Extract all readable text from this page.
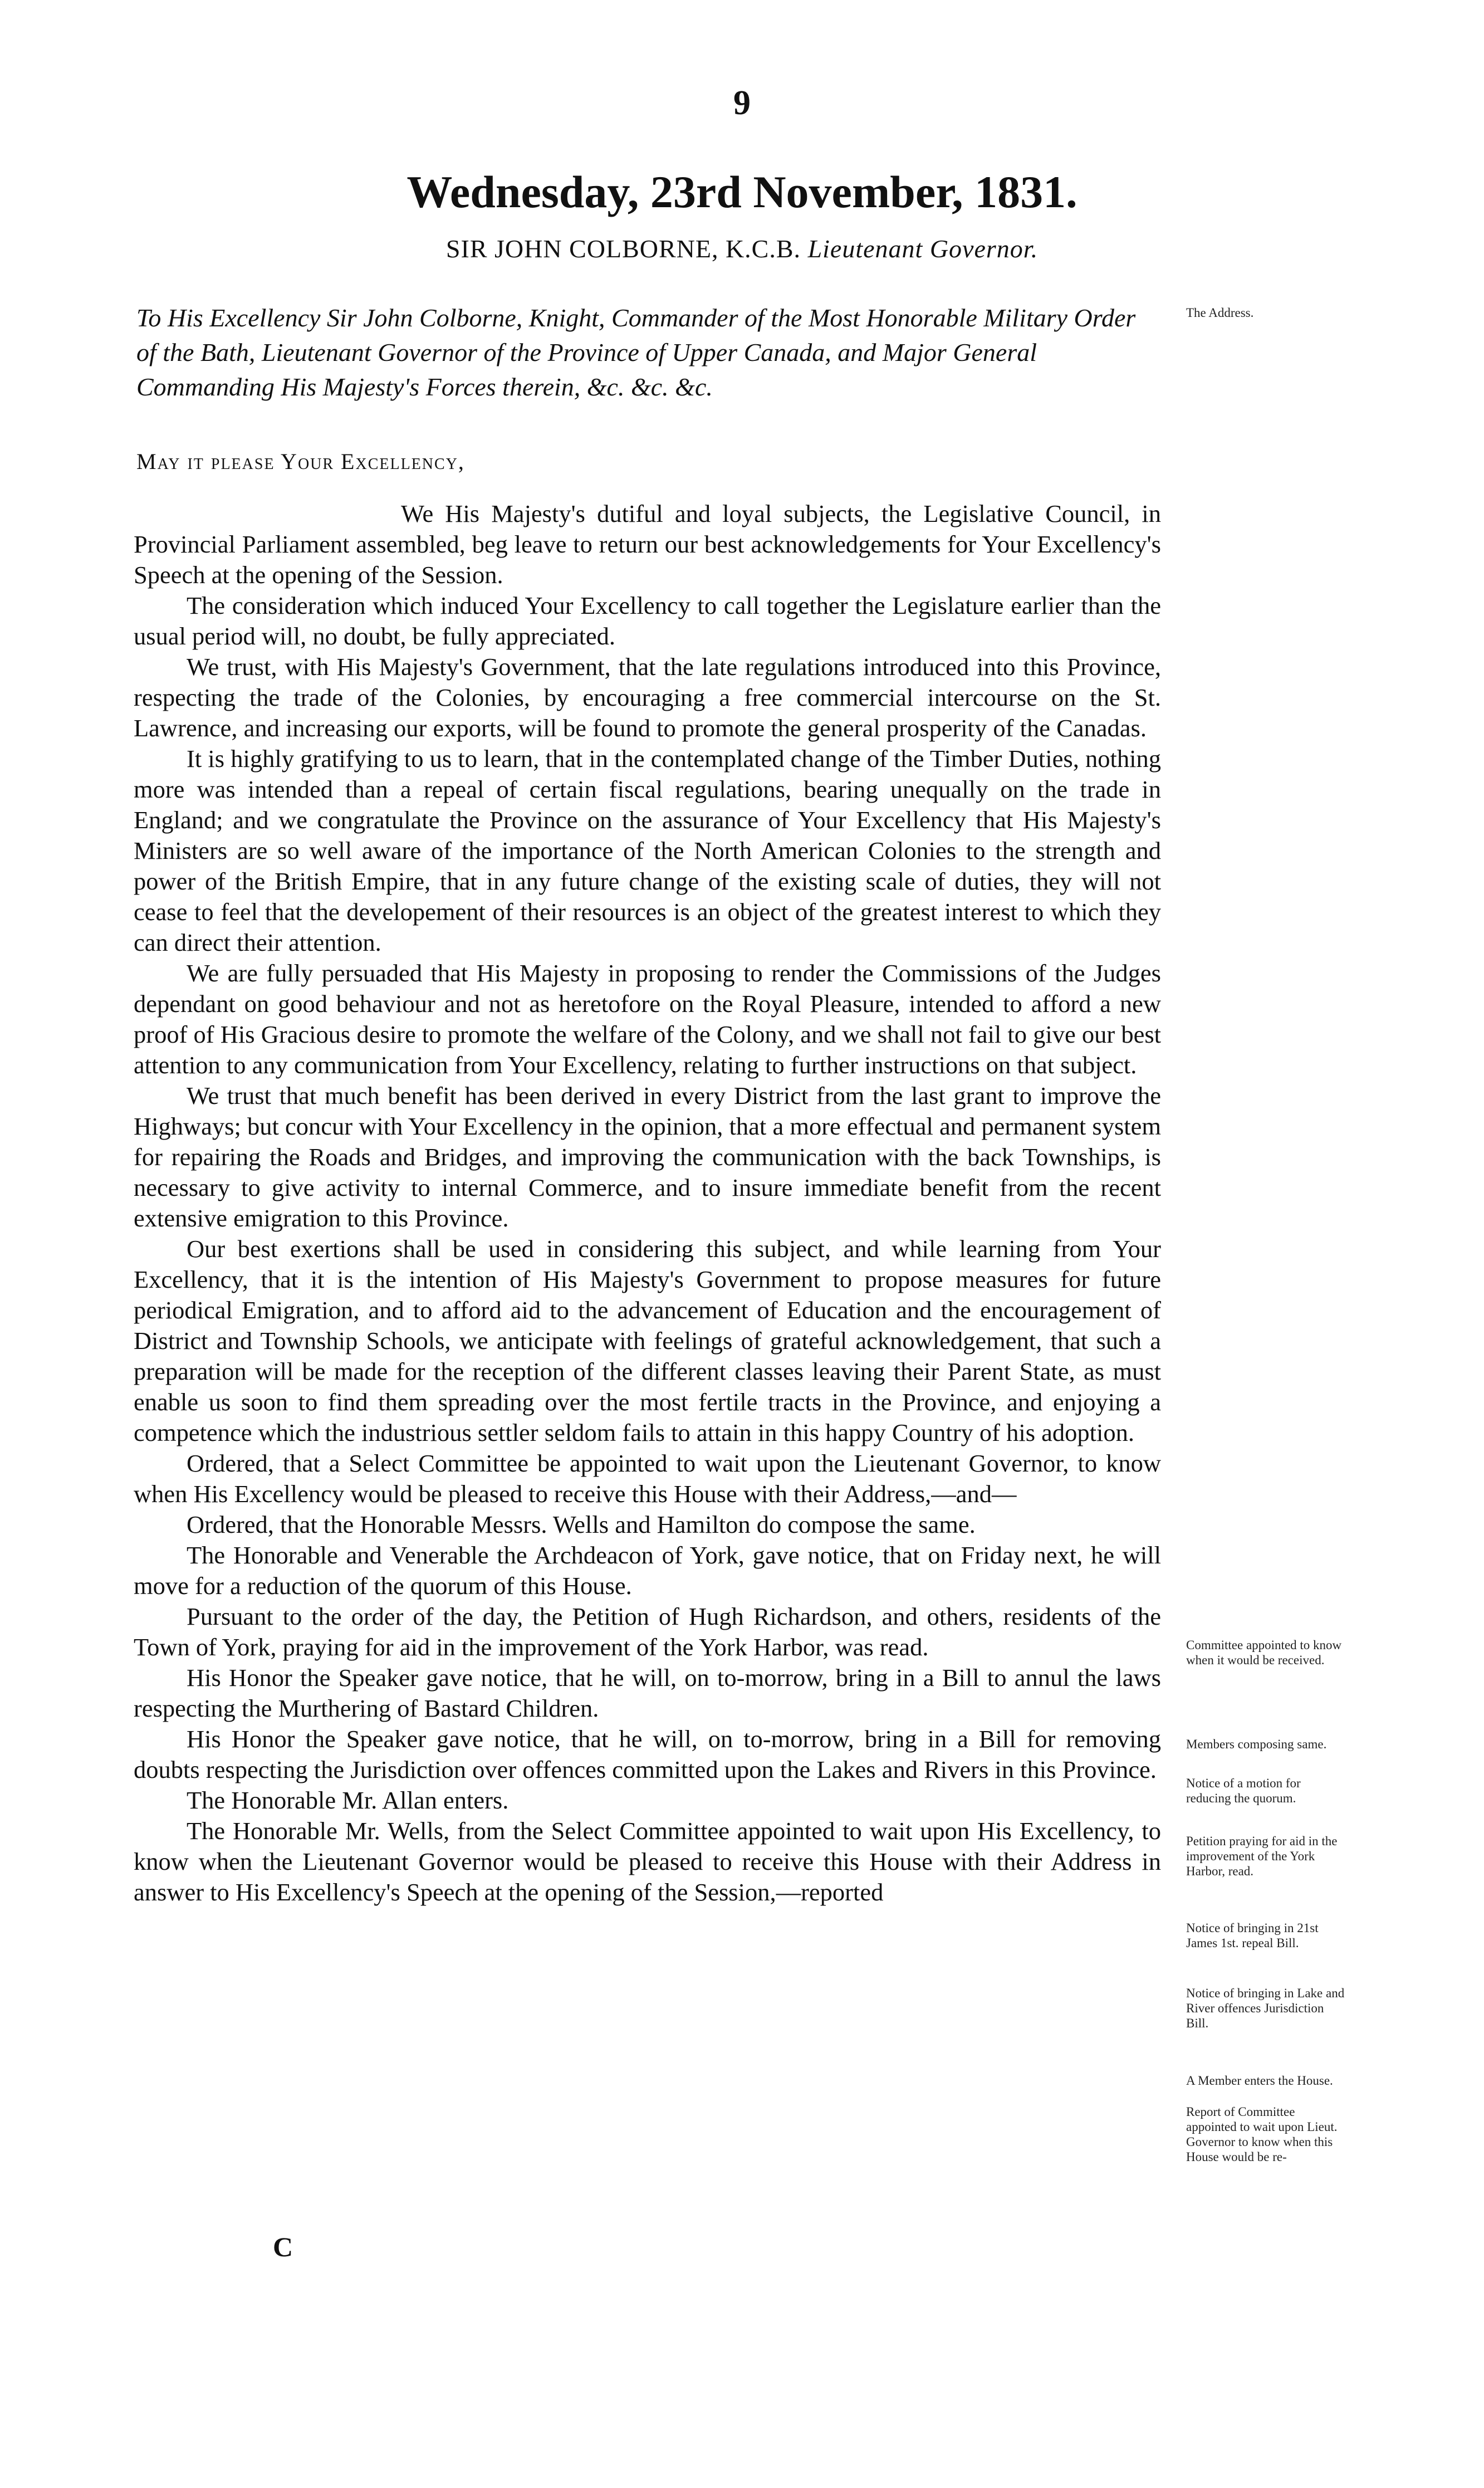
9
Wednesday, 23rd November, 1831.
SIR JOHN COLBORNE, K.C.B. Lieutenant Governor.
To His Excellency Sir John Colborne, Knight, Commander of the Most Honorable Military Order of the Bath, Lieutenant Governor of the Province of Upper Canada, and Major General Commanding His Majesty's Forces therein, &c. &c. &c.
May it please Your Excellency,

We His Majesty's dutiful and loyal subjects, the Legislative Council, in Provincial Parliament assembled, beg leave to return our best acknowledgements for Your Excellency's Speech at the opening of the Session.

The consideration which induced Your Excellency to call together the Legislature earlier than the usual period will, no doubt, be fully appreciated.

We trust, with His Majesty's Government, that the late regulations introduced into this Province, respecting the trade of the Colonies, by encouraging a free commercial intercourse on the St. Lawrence, and increasing our exports, will be found to promote the general prosperity of the Canadas.

It is highly gratifying to us to learn, that in the contemplated change of the Timber Duties, nothing more was intended than a repeal of certain fiscal regulations, bearing unequally on the trade in England; and we congratulate the Province on the assurance of Your Excellency that His Majesty's Ministers are so well aware of the importance of the North American Colonies to the strength and power of the British Empire, that in any future change of the existing scale of duties, they will not cease to feel that the developement of their resources is an object of the greatest interest to which they can direct their attention.

We are fully persuaded that His Majesty in proposing to render the Commissions of the Judges dependant on good behaviour and not as heretofore on the Royal Pleasure, intended to afford a new proof of His Gracious desire to promote the welfare of the Colony, and we shall not fail to give our best attention to any communication from Your Excellency, relating to further instructions on that subject.

We trust that much benefit has been derived in every District from the last grant to improve the Highways; but concur with Your Excellency in the opinion, that a more effectual and permanent system for repairing the Roads and Bridges, and improving the communication with the back Townships, is necessary to give activity to internal Commerce, and to insure immediate benefit from the recent extensive emigration to this Province.

Our best exertions shall be used in considering this subject, and while learning from Your Excellency, that it is the intention of His Majesty's Government to propose measures for future periodical Emigration, and to afford aid to the advancement of Education and the encouragement of District and Township Schools, we anticipate with feelings of grateful acknowledgement, that such a preparation will be made for the reception of the different classes leaving their Parent State, as must enable us soon to find them spreading over the most fertile tracts in the Province, and enjoying a competence which the industrious settler seldom fails to attain in this happy Country of his adoption.

Ordered, that a Select Committee be appointed to wait upon the Lieutenant Governor, to know when His Excellency would be pleased to receive this House with their Address,—and—

Ordered, that the Honorable Messrs. Wells and Hamilton do compose the same.

The Honorable and Venerable the Archdeacon of York, gave notice, that on Friday next, he will move for a reduction of the quorum of this House.

Pursuant to the order of the day, the Petition of Hugh Richardson, and others, residents of the Town of York, praying for aid in the improvement of the York Harbor, was read.

His Honor the Speaker gave notice, that he will, on to-morrow, bring in a Bill to annul the laws respecting the Murthering of Bastard Children.

His Honor the Speaker gave notice, that he will, on to-morrow, bring in a Bill for removing doubts respecting the Jurisdiction over offences committed upon the Lakes and Rivers in this Province.

The Honorable Mr. Allan enters.

The Honorable Mr. Wells, from the Select Committee appointed to wait upon His Excellency, to know when the Lieutenant Governor would be pleased to receive this House with their Address in answer to His Excellency's Speech at the opening of the Session,—reported

C
The Address.
Committee appointed to know when it would be received.
Members composing same.
Notice of a motion for reducing the quorum.
Petition praying for aid in the improvement of the York Harbor, read.
Notice of bringing in 21st James 1st. repeal Bill.
Notice of bringing in Lake and River offences Jurisdiction Bill.
A Member enters the House.
Report of Committee appointed to wait upon Lieut. Governor to know when this House would be re-
